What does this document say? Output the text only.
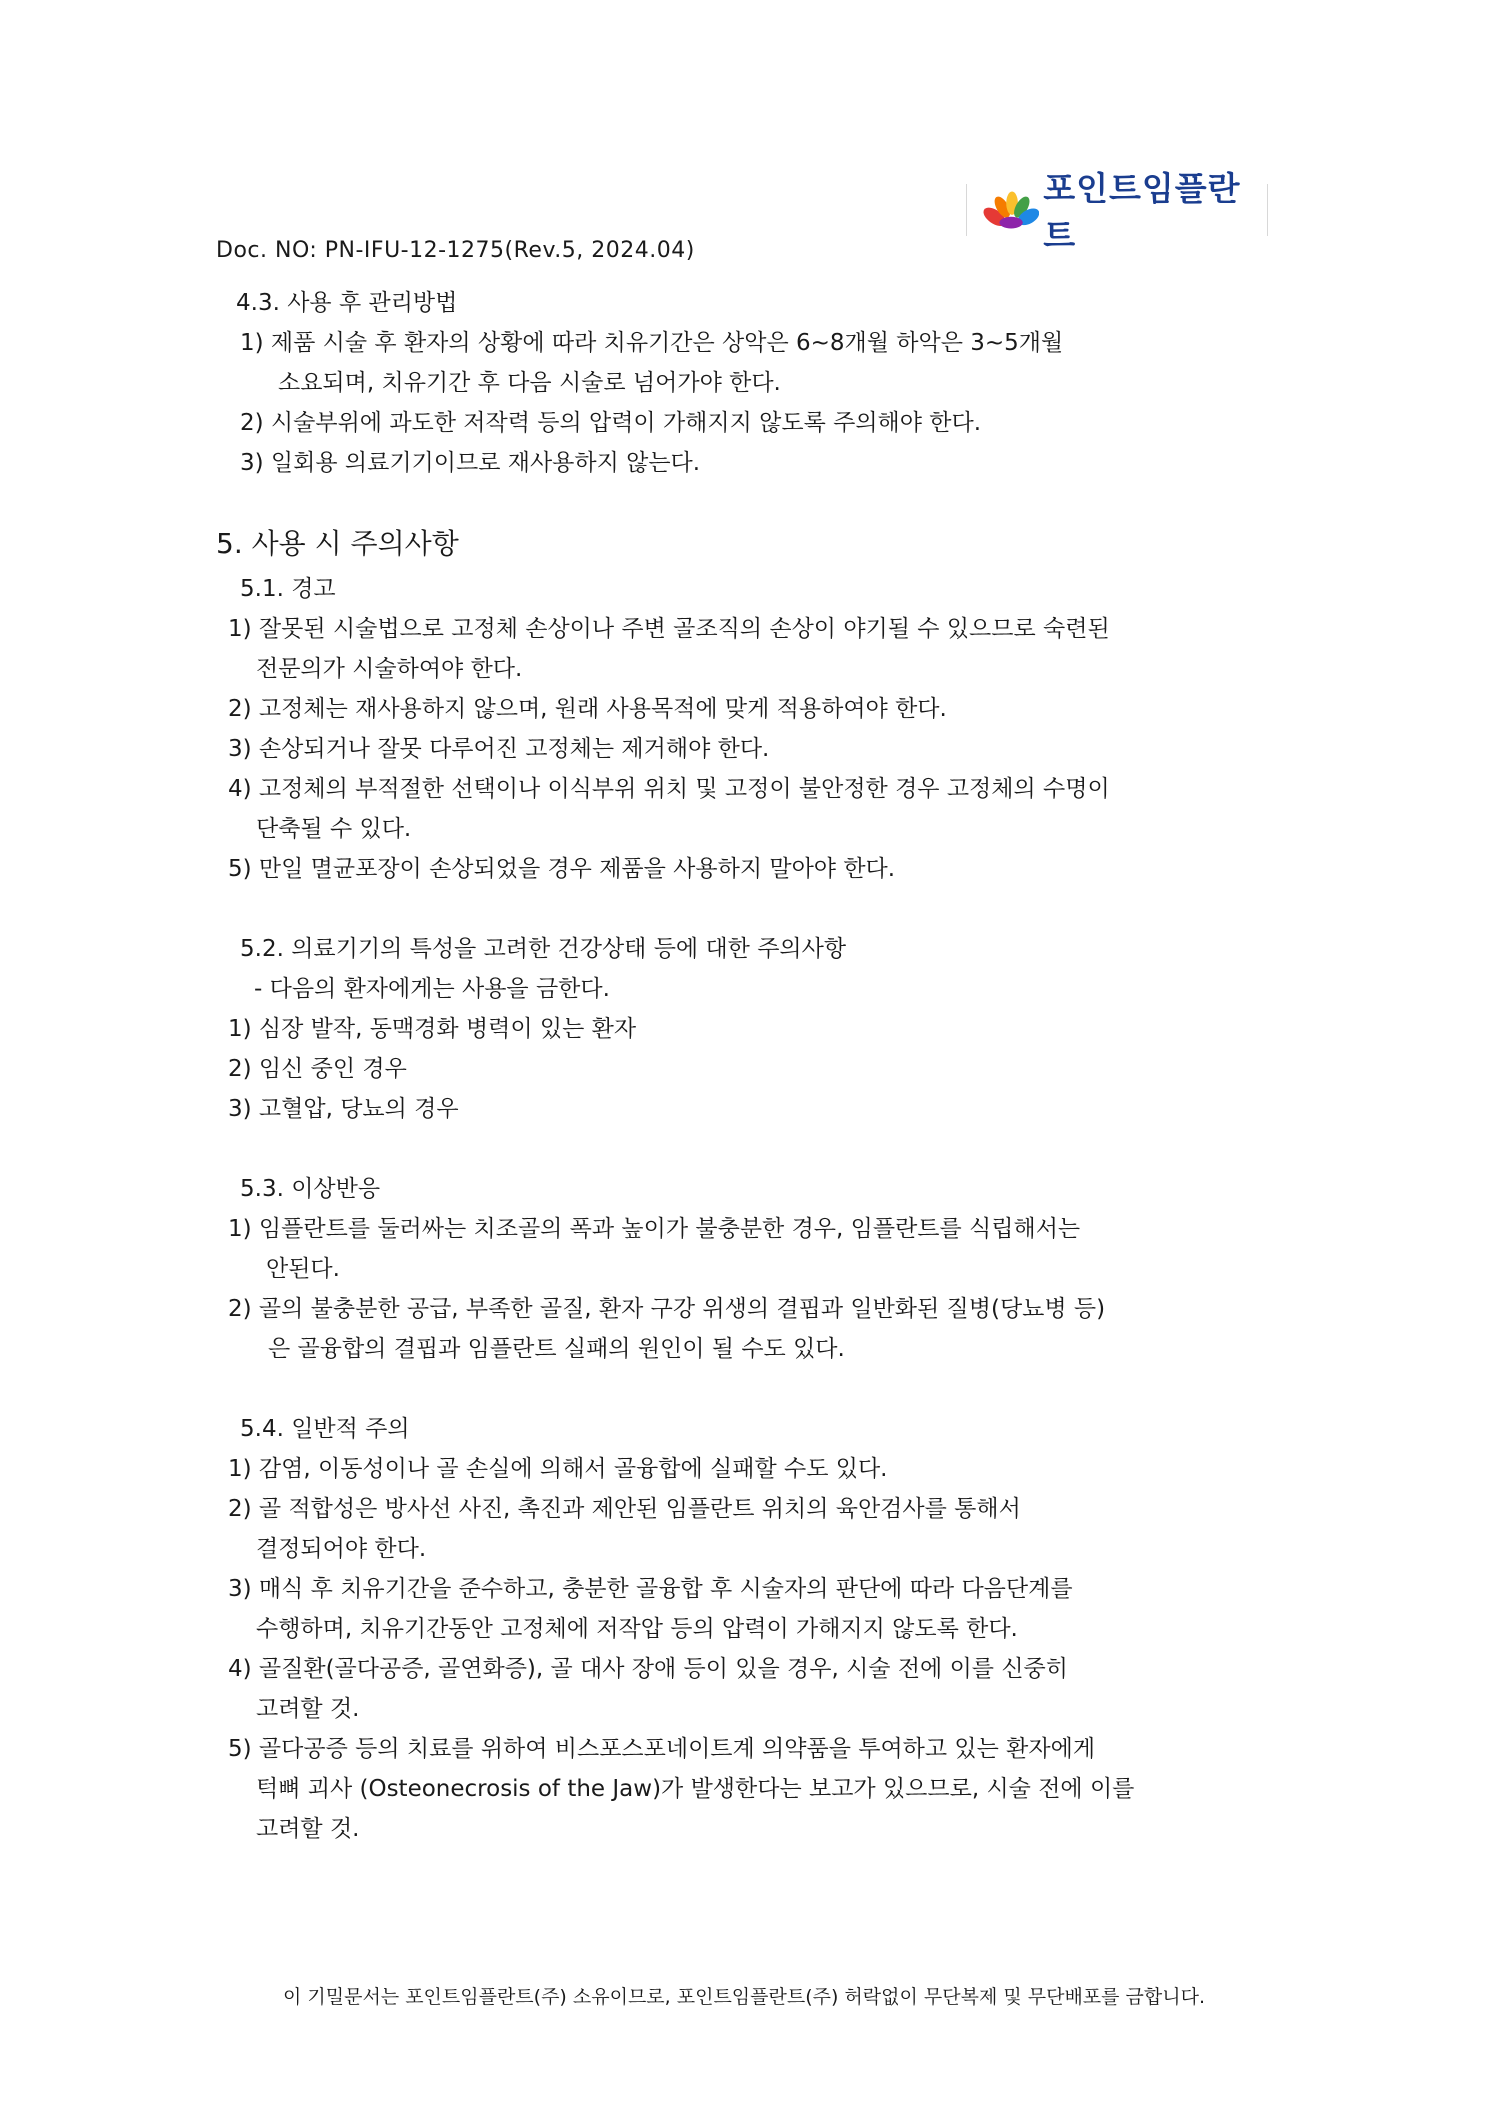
포인트임플란트
Doc. NO: PN-IFU-12-1275(Rev.5, 2024.04)
4.3. 사용 후 관리방법
1) 제품 시술 후 환자의 상황에 따라 치유기간은 상악은 6~8개월 하악은 3~5개월
소요되며, 치유기간 후 다음 시술로 넘어가야 한다.
2) 시술부위에 과도한 저작력 등의 압력이 가해지지 않도록 주의해야 한다.
3) 일회용 의료기기이므로 재사용하지 않는다.
5. 사용 시 주의사항
5.1. 경고
1) 잘못된 시술법으로 고정체 손상이나 주변 골조직의 손상이 야기될 수 있으므로 숙련된
전문의가 시술하여야 한다.
2) 고정체는 재사용하지 않으며, 원래 사용목적에 맞게 적용하여야 한다.
3) 손상되거나 잘못 다루어진 고정체는 제거해야 한다.
4) 고정체의 부적절한 선택이나 이식부위 위치 및 고정이 불안정한 경우 고정체의 수명이
단축될 수 있다.
5) 만일 멸균포장이 손상되었을 경우 제품을 사용하지 말아야 한다.
5.2. 의료기기의 특성을 고려한 건강상태 등에 대한 주의사항
- 다음의 환자에게는 사용을 금한다.
1) 심장 발작, 동맥경화 병력이 있는 환자
2) 임신 중인 경우
3) 고혈압, 당뇨의 경우
5.3. 이상반응
1) 임플란트를 둘러싸는 치조골의 폭과 높이가 불충분한 경우, 임플란트를 식립해서는
안된다.
2) 골의 불충분한 공급, 부족한 골질, 환자 구강 위생의 결핍과 일반화된 질병(당뇨병 등)
은 골융합의 결핍과 임플란트 실패의 원인이 될 수도 있다.
5.4. 일반적 주의
1) 감염, 이동성이나 골 손실에 의해서 골융합에 실패할 수도 있다.
2) 골 적합성은 방사선 사진, 촉진과 제안된 임플란트 위치의 육안검사를 통해서
결정되어야 한다.
3) 매식 후 치유기간을 준수하고, 충분한 골융합 후 시술자의 판단에 따라 다음단계를
수행하며, 치유기간동안 고정체에 저작압 등의 압력이 가해지지 않도록 한다.
4) 골질환(골다공증, 골연화증), 골 대사 장애 등이 있을 경우, 시술 전에 이를 신중히
고려할 것.
5) 골다공증 등의 치료를 위하여 비스포스포네이트계 의약품을 투여하고 있는 환자에게
턱뼈 괴사 (Osteonecrosis of the Jaw)가 발생한다는 보고가 있으므로, 시술 전에 이를
고려할 것.
이 기밀문서는 포인트임플란트(주) 소유이므로, 포인트임플란트(주) 허락없이 무단복제 및 무단배포를 금합니다.
